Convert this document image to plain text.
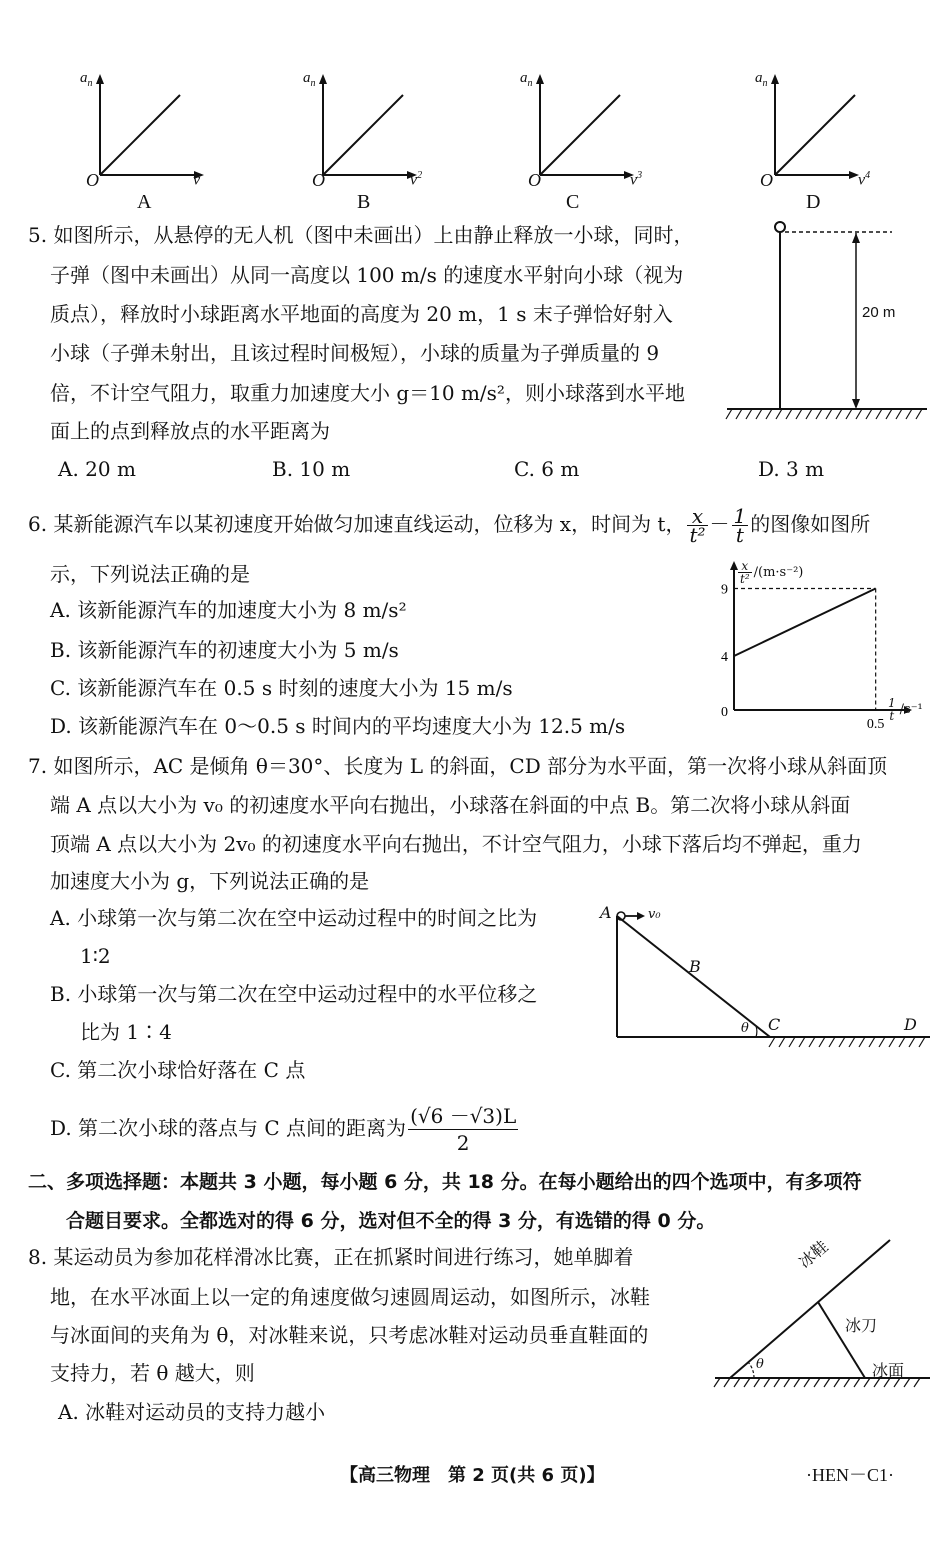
$a_n$
O	v
A
$a_n$
O	$v^2$
B
$a_n$
O	$v^3$
C
$a_n$
O	$v^4$
D
5. 如图所示，从悬停的无人机（图中未画出）上由静止释放一小球，同时，
子弹（图中未画出）从同一高度以 100 m/s 的速度水平射向小球（视为
质点），释放时小球距离水平地面的高度为 20 m，1 s 末子弹恰好射入
小球（子弹未射出，且该过程时间极短），小球的质量为子弹质量的 9
倍，不计空气阻力，取重力加速度大小 g＝10 m/s²，则小球落到水平地
面上的点到释放点的水平距离为
A. 20 m	B. 10 m	C. 6 m	D. 3 m
20 m
6. 某新能源汽车以某初速度开始做匀加速直线运动，位移为 x，时间为 t， $\frac{x}{\text{t²}} - \frac{1}{t}$ 的图像如图所
示，下列说法正确的是
A. 该新能源汽车的加速度大小为 8 m/s²
B. 该新能源汽车的初速度大小为 5 m/s
C. 该新能源汽车在 0.5 s 时刻的速度大小为 15 m/s
D. 该新能源汽车在 0～0.5 s 时间内的平均速度大小为 12.5 m/s
9
4
0
0.5
$\frac{x}{\text{t²}} /(m\cdot s^{-2})$
$\frac{1}{t} /s^{-1}$
7. 如图所示，AC 是倾角 θ＝30°、长度为 L 的斜面，CD 部分为水平面，第一次将小球从斜面顶
端 A 点以大小为 v₀ 的初速度水平向右抛出，小球落在斜面的中点 B。第二次将小球从斜面
顶端 A 点以大小为 2v₀ 的初速度水平向右抛出，不计空气阻力，小球下落后均不弹起，重力
加速度大小为 g，下列说法正确的是
A. 小球第一次与第二次在空中运动过程中的时间之比为
1∶2
B. 小球第一次与第二次在空中运动过程中的水平位移之
比为 1∶4
C. 第二次小球恰好落在 C 点
D. 第二次小球的落点与 C 点间的距离为 $\frac{(√6 -√3)L}{2}$
A	v₀
B
θ C	D
二、多项选择题：本题共 3 小题，每小题 6 分，共 18 分。在每小题给出的四个选项中，有多项符
合题目要求。全都选对的得 6 分，选对但不全的得 3 分，有选错的得 0 分。
8. 某运动员为参加花样滑冰比赛，正在抓紧时间进行练习，她单脚着
地，在水平冰面上以一定的角速度做匀速圆周运动，如图所示，冰鞋
与冰面间的夹角为 θ，对冰鞋来说，只考虑冰鞋对运动员垂直鞋面的
支持力，若 θ 越大，则
A. 冰鞋对运动员的支持力越小
冰鞋
冰刀
冰面
θ
【高三物理　第 2 页(共 6 页)】	·HEN－C1·
